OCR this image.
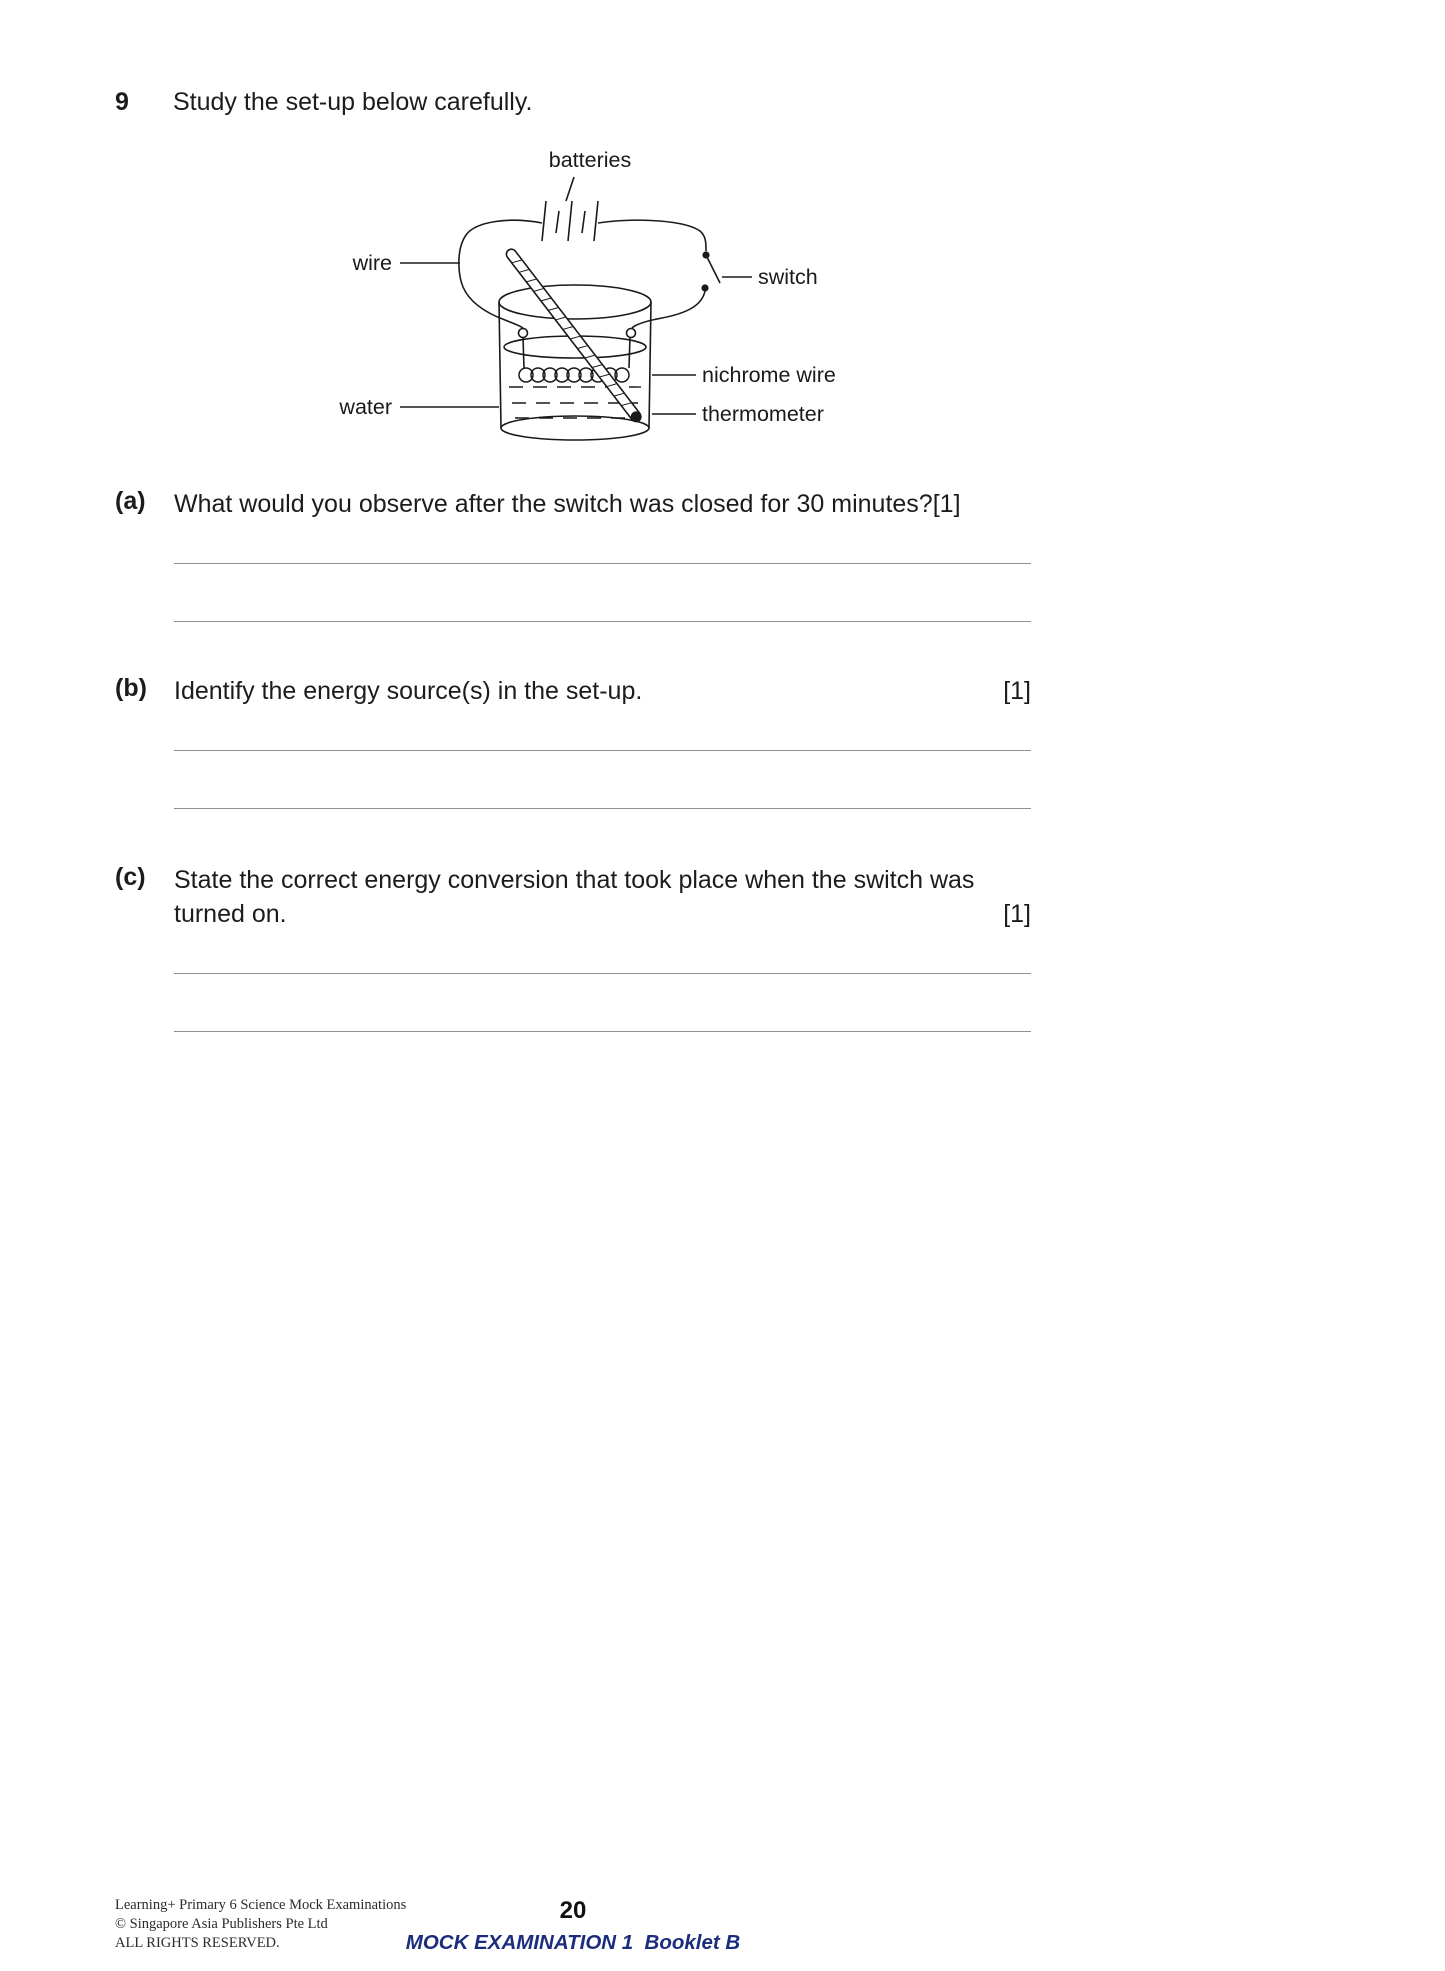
9	Study the set-up below carefully.
batteries
wire
switch
nichrome wire
thermometer
water
(a)	What would you observe after the switch was closed for 30 minutes?[1]

(b)	Identify the energy source(s) in the set-up.	[1]

(c)	State the correct energy conversion that took place when the switch was
turned on.	[1]

Learning+ Primary 6 Science Mock Examinations
© Singapore Asia Publishers Pte Ltd
ALL RIGHTS RESERVED.
20
MOCK EXAMINATION 1  Booklet B
